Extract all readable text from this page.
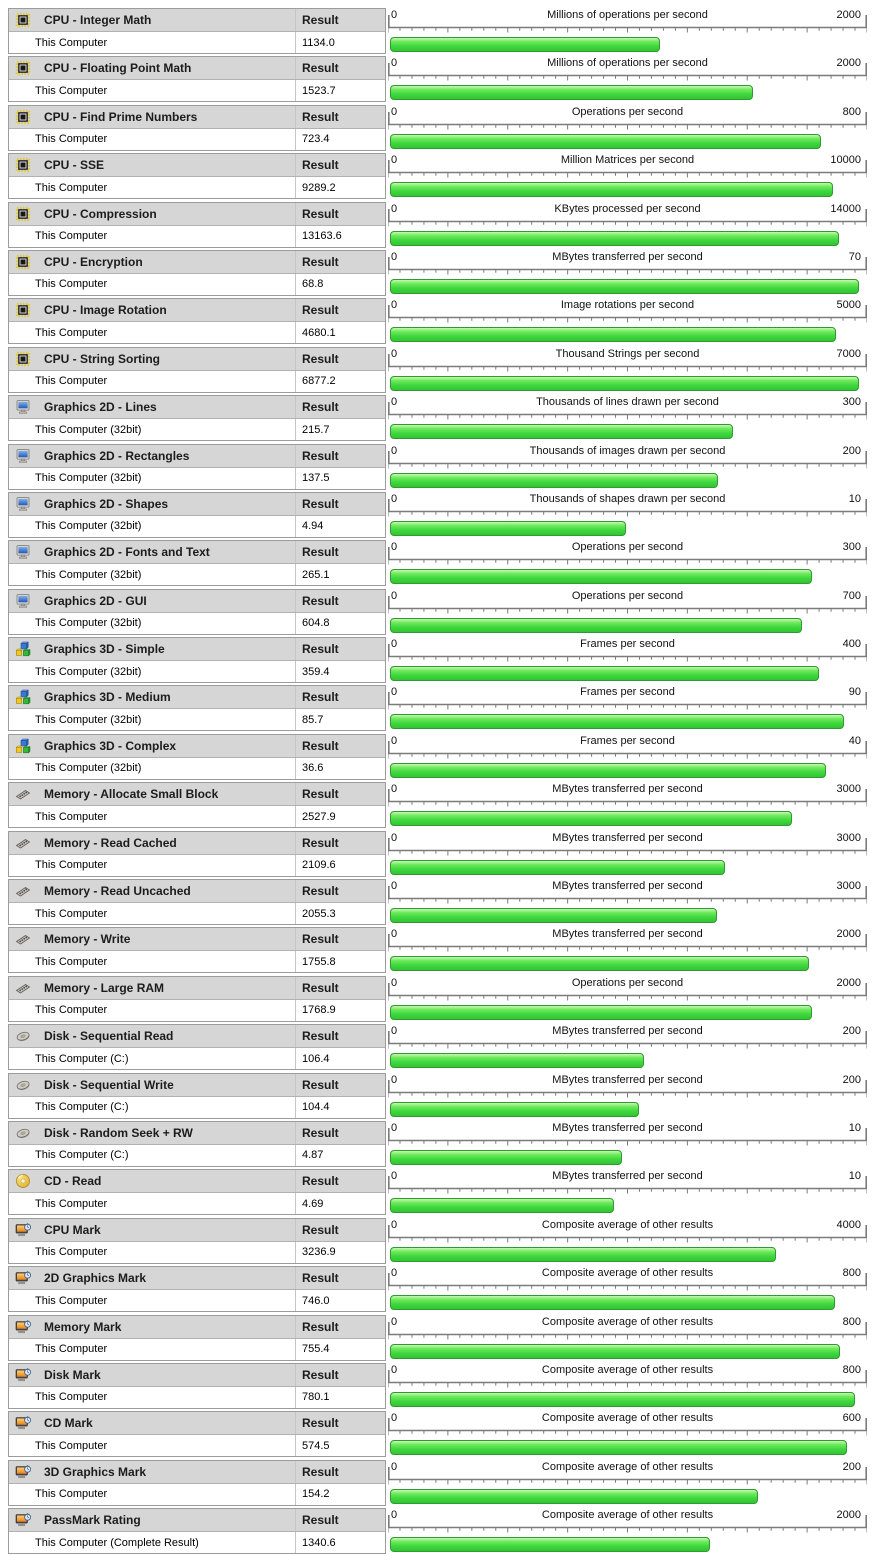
CPU - Integer Math	Result
This Computer	1134.0
0	Millions of operations per second	2000
CPU - Floating Point Math	Result
This Computer	1523.7
0	Millions of operations per second	2000
CPU - Find Prime Numbers	Result
This Computer	723.4
0	Operations per second	800
CPU - SSE	Result
This Computer	9289.2
0	Million Matrices per second	10000
CPU - Compression	Result
This Computer	13163.6
0	KBytes processed per second	14000
CPU - Encryption	Result
This Computer	68.8
0	MBytes transferred per second	70
CPU - Image Rotation	Result
This Computer	4680.1
0	Image rotations per second	5000
CPU - String Sorting	Result
This Computer	6877.2
0	Thousand Strings per second	7000
Graphics 2D - Lines	Result
This Computer (32bit)	215.7
0	Thousands of lines drawn per second	300
Graphics 2D - Rectangles	Result
This Computer (32bit)	137.5
0	Thousands of images drawn per second	200
Graphics 2D - Shapes	Result
This Computer (32bit)	4.94
0	Thousands of shapes drawn per second	10
Graphics 2D - Fonts and Text	Result
This Computer (32bit)	265.1
0	Operations per second	300
Graphics 2D - GUI	Result
This Computer (32bit)	604.8
0	Operations per second	700
Graphics 3D - Simple	Result
This Computer (32bit)	359.4
0	Frames per second	400
Graphics 3D - Medium	Result
This Computer (32bit)	85.7
0	Frames per second	90
Graphics 3D - Complex	Result
This Computer (32bit)	36.6
0	Frames per second	40
Memory - Allocate Small Block	Result
This Computer	2527.9
0	MBytes transferred per second	3000
Memory - Read Cached	Result
This Computer	2109.6
0	MBytes transferred per second	3000
Memory - Read Uncached	Result
This Computer	2055.3
0	MBytes transferred per second	3000
Memory - Write	Result
This Computer	1755.8
0	MBytes transferred per second	2000
Memory - Large RAM	Result
This Computer	1768.9
0	Operations per second	2000
Disk - Sequential Read	Result
This Computer (C:)	106.4
0	MBytes transferred per second	200
Disk - Sequential Write	Result
This Computer (C:)	104.4
0	MBytes transferred per second	200
Disk - Random Seek + RW	Result
This Computer (C:)	4.87
0	MBytes transferred per second	10
CD - Read	Result
This Computer	4.69
0	MBytes transferred per second	10
CPU Mark	Result
This Computer	3236.9
0	Composite average of other results	4000
2D Graphics Mark	Result
This Computer	746.0
0	Composite average of other results	800
Memory Mark	Result
This Computer	755.4
0	Composite average of other results	800
Disk Mark	Result
This Computer	780.1
0	Composite average of other results	800
CD Mark	Result
This Computer	574.5
0	Composite average of other results	600
3D Graphics Mark	Result
This Computer	154.2
0	Composite average of other results	200
PassMark Rating	Result
This Computer (Complete Result)	1340.6
0	Composite average of other results	2000
